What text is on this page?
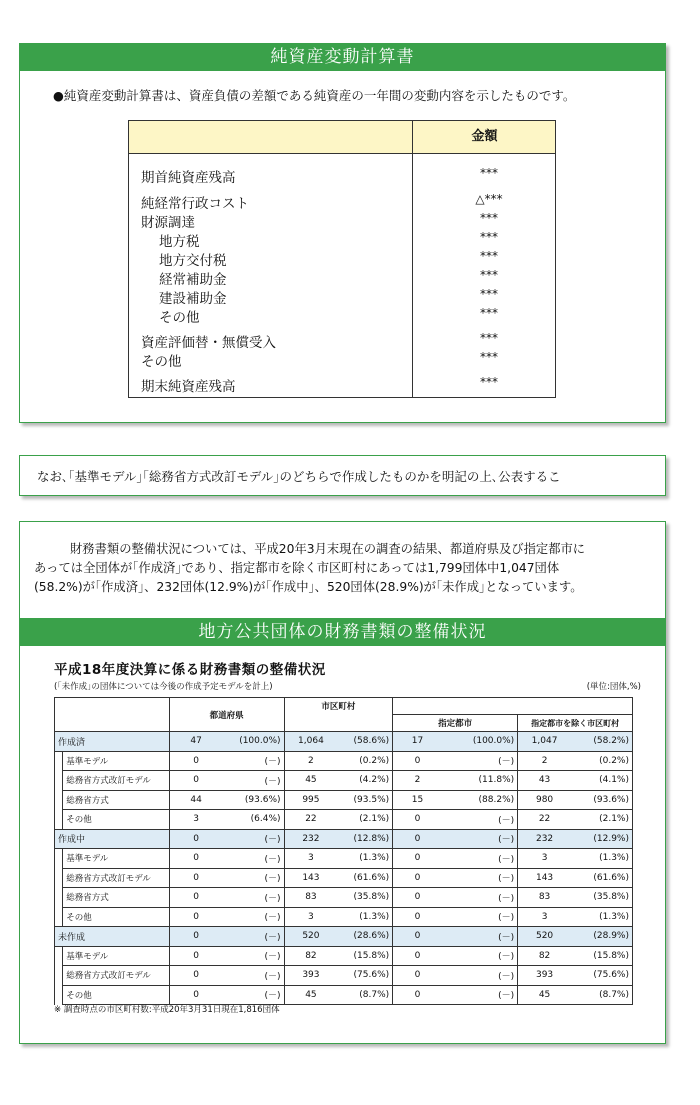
純資産変動計算書
●純資産変動計算書は、資産負債の差額である純資産の一年間の変動内容を示したものです。
金額
期首純資産残高	***
純経常行政コスト	△***
財源調達	***
地方税	***
地方交付税	***
経常補助金	***
建設補助金	***
その他	***
資産評価替・無償受入	***
その他	***
期末純資産残高	***
なお､｢基準モデル｣｢総務省方式改訂モデル｣のどちらで作成したものかを明記の上､公表するこ
財務書類の整備状況については、平成20年3月末現在の調査の結果、都道府県及び指定都市に
あっては全団体が｢作成済｣であり、指定都市を除く市区町村にあっては1,799団体中1,047団体
(58.2%)が｢作成済｣、232団体(12.9%)が｢作成中｣、520団体(28.9%)が｢未作成｣となっています。
地方公共団体の財務書類の整備状況
平成18年度決算に係る財務書類の整備状況
(｢未作成｣の団体については今後の作成予定モデルを計上)	(単位:団体,%)
		都道府県		市区町村					
						指定都市		指定都市を除く市区町村	
作成済		47	(100.0%)	1,064	(58.6%)	17	(100.0%)	1,047	(58.2%)
	基準モデル	0	(－)	2	(0.2%)	0	(－)	2	(0.2%)
	総務省方式改訂モデル	0	(－)	45	(4.2%)	2	(11.8%)	43	(4.1%)
	総務省方式	44	(93.6%)	995	(93.5%)	15	(88.2%)	980	(93.6%)
	その他	3	(6.4%)	22	(2.1%)	0	(－)	22	(2.1%)
作成中		0	(－)	232	(12.8%)	0	(－)	232	(12.9%)
	基準モデル	0	(－)	3	(1.3%)	0	(－)	3	(1.3%)
	総務省方式改訂モデル	0	(－)	143	(61.6%)	0	(－)	143	(61.6%)
	総務省方式	0	(－)	83	(35.8%)	0	(－)	83	(35.8%)
	その他	0	(－)	3	(1.3%)	0	(－)	3	(1.3%)
未作成		0	(－)	520	(28.6%)	0	(－)	520	(28.9%)
	基準モデル	0	(－)	82	(15.8%)	0	(－)	82	(15.8%)
	総務省方式改訂モデル	0	(－)	393	(75.6%)	0	(－)	393	(75.6%)
	その他	0	(－)	45	(8.7%)	0	(－)	45	(8.7%)
※ 調査時点の市区町村数:平成20年3月31日現在1,816団体
